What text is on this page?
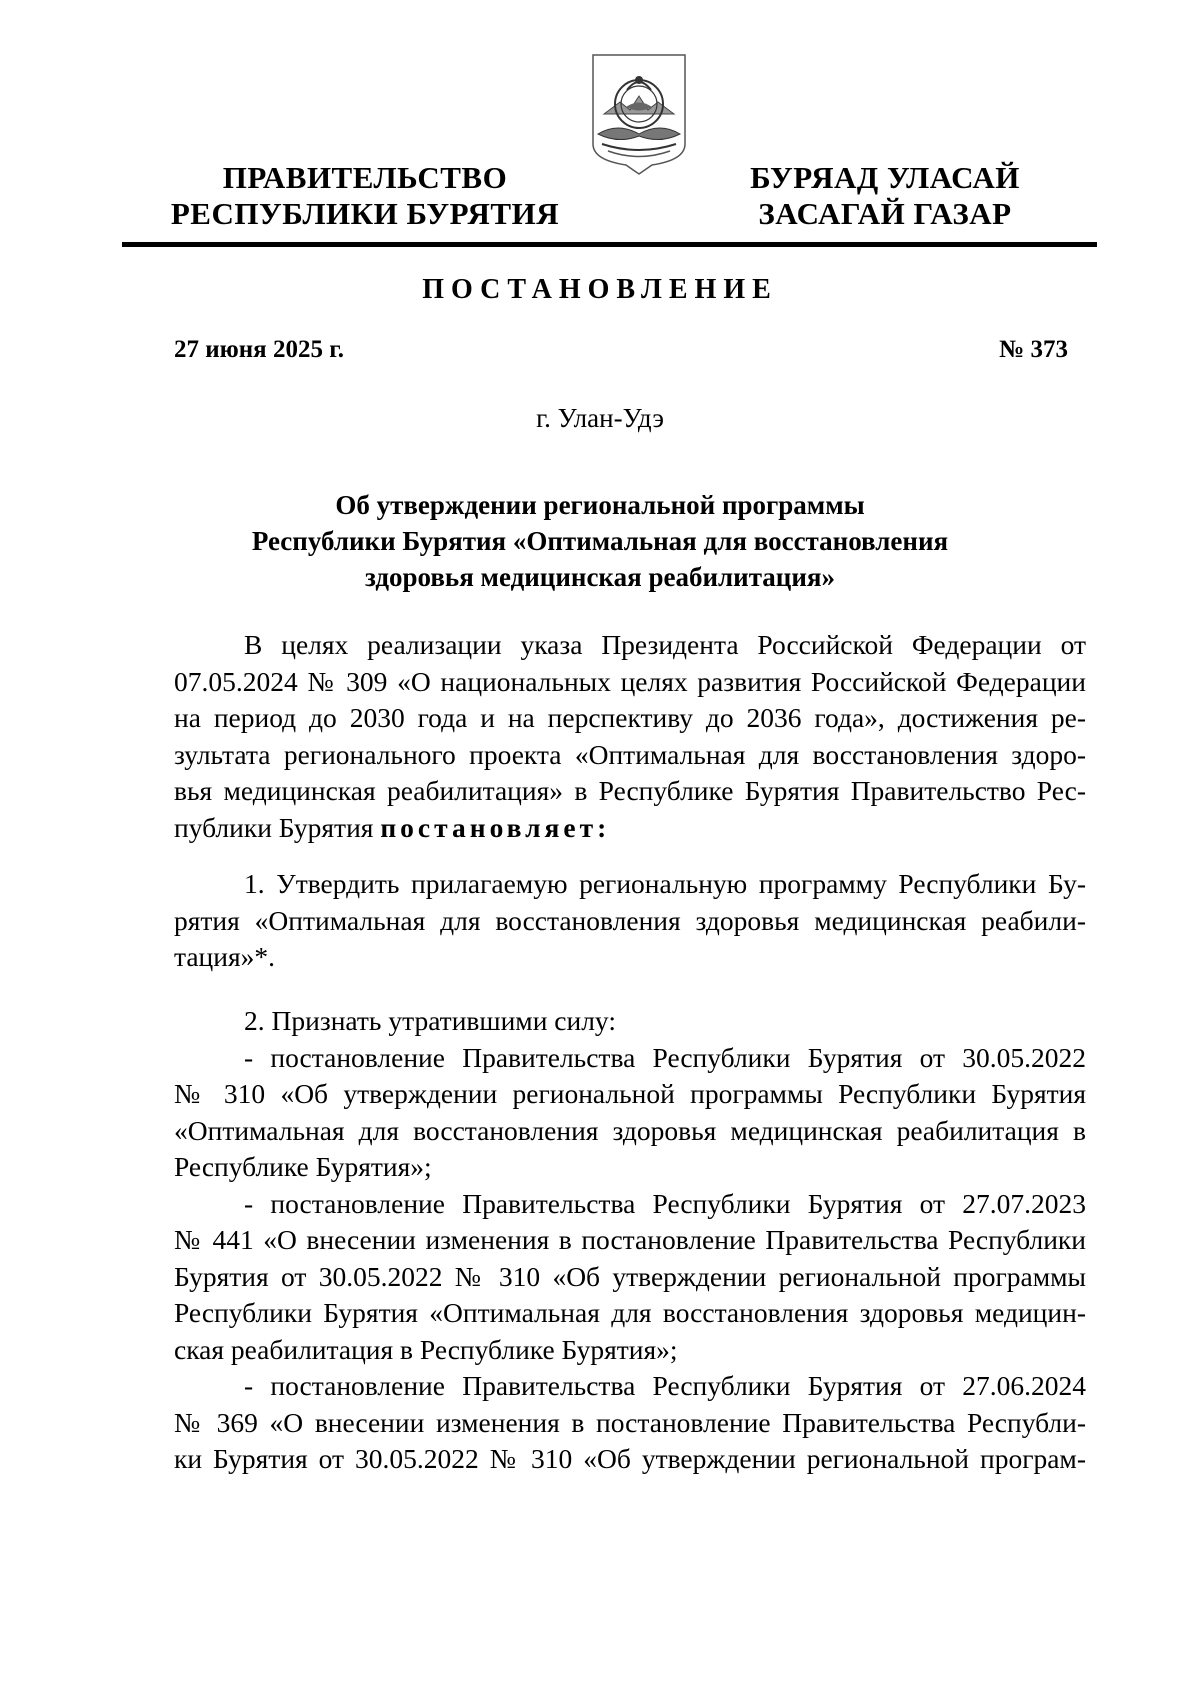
ПРАВИТЕЛЬСТВО
РЕСПУБЛИКИ БУРЯТИЯ
БУРЯАД УЛАСАЙ
ЗАСАГАЙ ГАЗАР
ПОСТАНОВЛЕНИЕ
27 июня 2025 г.	№ 373
г. Улан-Удэ
Об утверждении региональной программы
Республики Бурятия «Оптимальная для восстановления
здоровья медицинская реабилитация»
В целях реализации указа Президента Российской Федерации от
07.05.2024 № 309 «О национальных целях развития Российской Федерации
на период до 2030 года и на перспективу до 2036 года», достижения ре-
зультата регионального проекта «Оптимальная для восстановления здоро-
вья медицинская реабилитация» в Республике Бурятия Правительство Рес-
публики Бурятия постановляет:
1. Утвердить прилагаемую региональную программу Республики Бу-
рятия «Оптимальная для восстановления здоровья медицинская реабили-
тация»*.
2. Признать утратившими силу:
- постановление Правительства Республики Бурятия от 30.05.2022
№ 310 «Об утверждении региональной программы Республики Бурятия
«Оптимальная для восстановления здоровья медицинская реабилитация в
Республике Бурятия»;
- постановление Правительства Республики Бурятия от 27.07.2023
№ 441 «О внесении изменения в постановление Правительства Республики
Бурятия от 30.05.2022 № 310 «Об утверждении региональной программы
Республики Бурятия «Оптимальная для восстановления здоровья медицин-
ская реабилитация в Республике Бурятия»;
- постановление Правительства Республики Бурятия от 27.06.2024
№ 369 «О внесении изменения в постановление Правительства Республи-
ки Бурятия от 30.05.2022 № 310 «Об утверждении региональной програм-
